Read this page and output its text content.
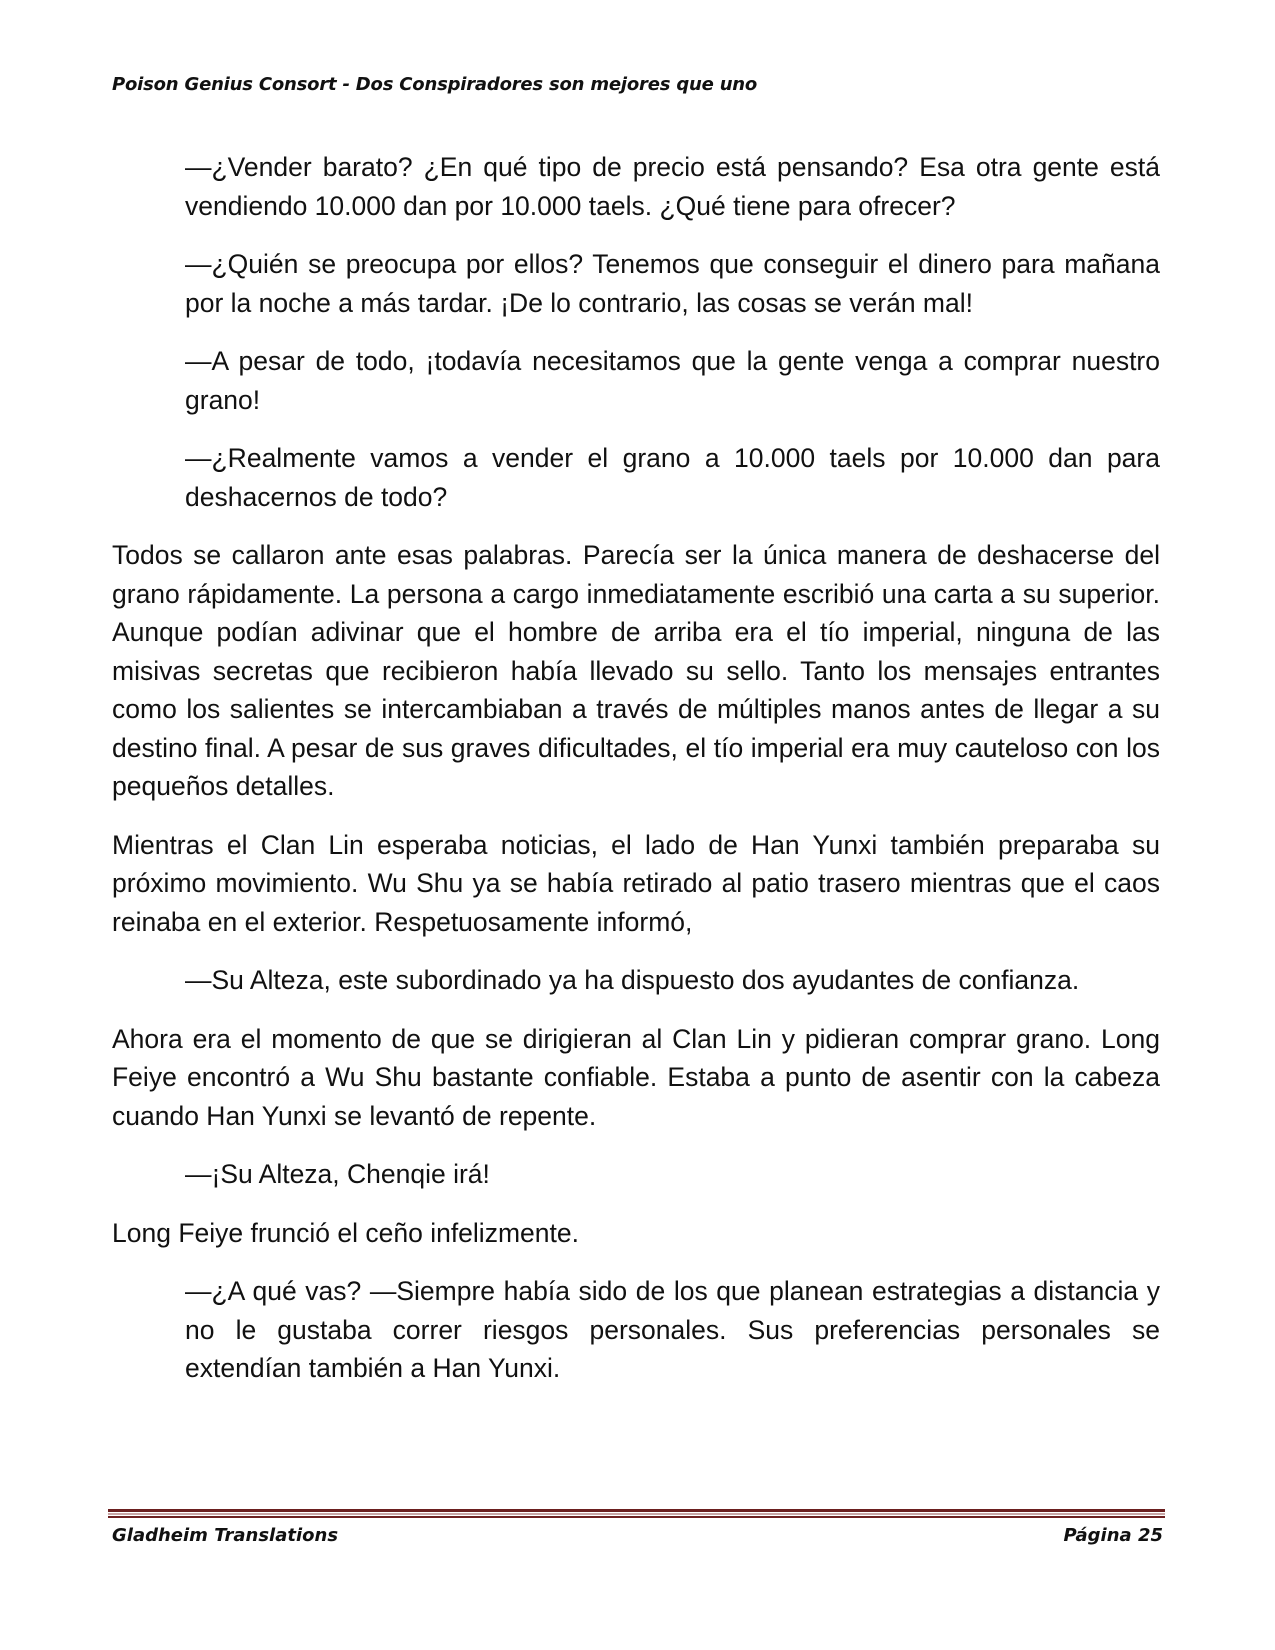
Poison Genius Consort - Dos Conspiradores son mejores que uno

—¿Vender barato? ¿En qué tipo de precio está pensando? Esa otra gente está vendiendo 10.000 dan por 10.000 taels. ¿Qué tiene para ofrecer?

—¿Quién se preocupa por ellos? Tenemos que conseguir el dinero para mañana por la noche a más tardar. ¡De lo contrario, las cosas se verán mal!

—A pesar de todo, ¡todavía necesitamos que la gente venga a comprar nuestro grano!

—¿Realmente vamos a vender el grano a 10.000 taels por 10.000 dan para deshacernos de todo?

Todos se callaron ante esas palabras. Parecía ser la única manera de deshacerse del grano rápidamente. La persona a cargo inmediatamente escribió una carta a su superior. Aunque podían adivinar que el hombre de arriba era el tío imperial, ninguna de las misivas secretas que recibieron había llevado su sello. Tanto los mensajes entrantes como los salientes se intercambiaban a través de múltiples manos antes de llegar a su destino final. A pesar de sus graves dificultades, el tío imperial era muy cauteloso con los pequeños detalles.

Mientras el Clan Lin esperaba noticias, el lado de Han Yunxi también preparaba su próximo movimiento. Wu Shu ya se había retirado al patio trasero mientras que el caos reinaba en el exterior. Respetuosamente informó,

—Su Alteza, este subordinado ya ha dispuesto dos ayudantes de confianza.

Ahora era el momento de que se dirigieran al Clan Lin y pidieran comprar grano. Long Feiye encontró a Wu Shu bastante confiable. Estaba a punto de asentir con la cabeza cuando Han Yunxi se levantó de repente.

—¡Su Alteza, Chenqie irá!

Long Feiye frunció el ceño infelizmente.

—¿A qué vas? —Siempre había sido de los que planean estrategias a distancia y no le gustaba correr riesgos personales. Sus preferencias personales se extendían también a Han Yunxi.

Gladheim Translations	Página 25
